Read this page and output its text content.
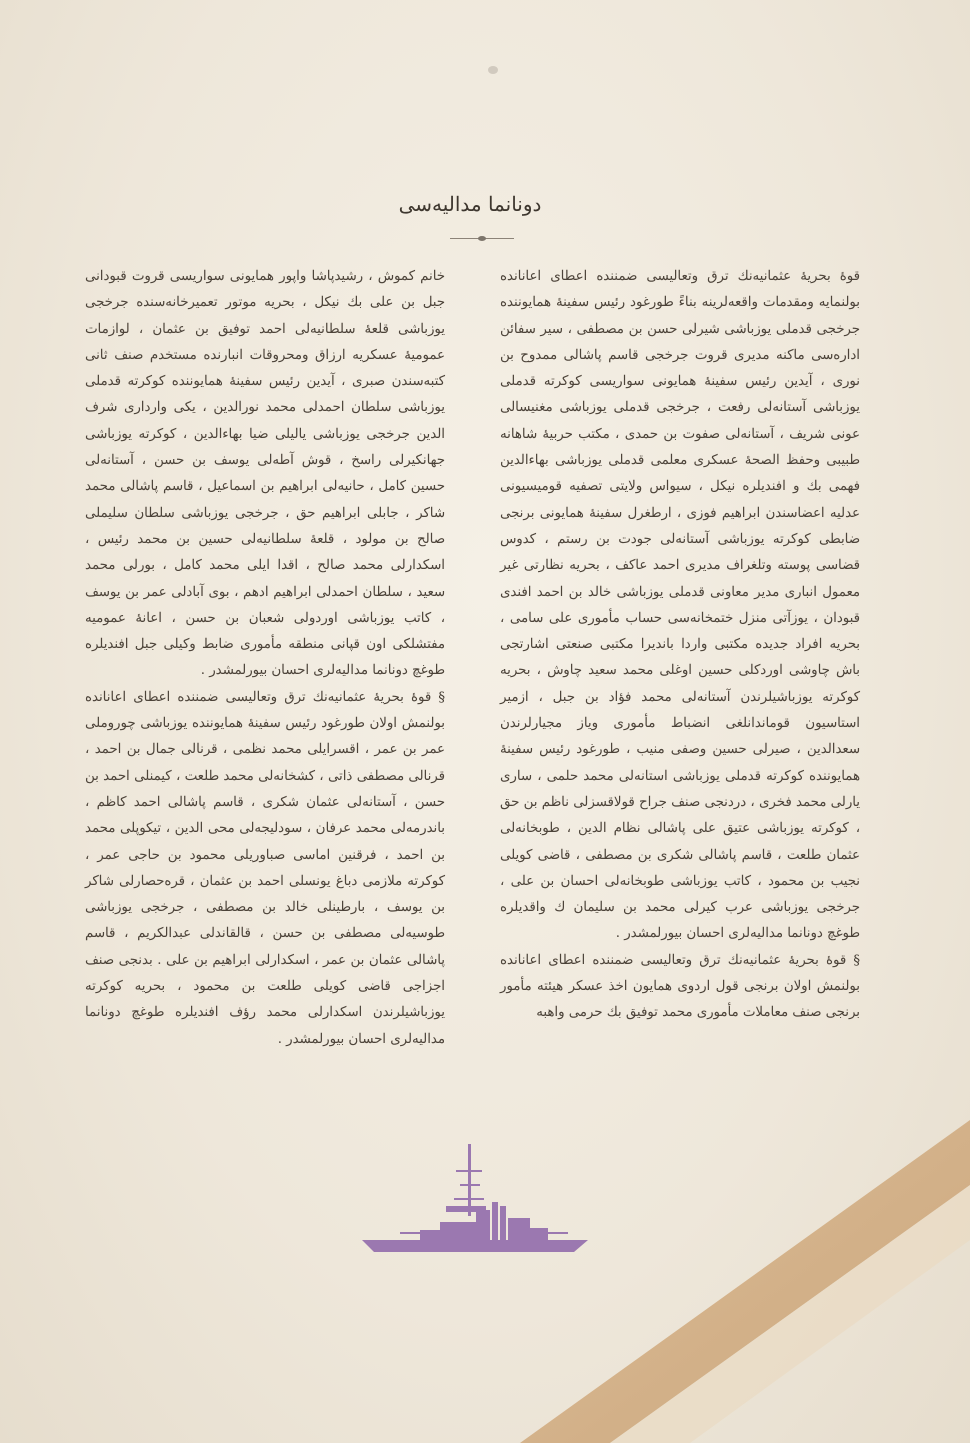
دونانما مدالیه‌سی

قوۀ بحریۀ عثمانیه‌نك ترق وتعالیسی ضمننده اعطای اعانانده بولنمایه ومقدمات واقعه‌لرینه بناءً طورغود رئیس سفینۀ همایوننده جرخجی قدملی یوزباشی شیرلی حسن بن مصطفی ، سیر سفائن اداره‌سی ماکنه مدیری قروت جرخجی قاسم پاشالی ممدوح بن نوری ، آیدین رئیس سفینۀ همایونی سواریسی کوکرته قدملی یوزباشی آستانه‌لی رفعت ، جرخجی قدملی یوزباشی مغنیسالی عونی شریف ، آستانه‌لی صفوت بن حمدی ، مکتب حربیۀ شاهانه طبیبی وحفظ الصحۀ عسکری معلمی قدملی یوزباشی بهاءالدین فهمی بك و افندیلره نیکل ، سیواس ولایتی تصفیه قومیسیونی عدلیه اعضاسندن ابراهیم فوزی ، ارطغرل سفینۀ همایونی برنجی ضابطی کوکرته یوزباشی آستانه‌لی جودت بن رستم ، کدوس قضاسی پوسته وتلغراف مدیری احمد عاکف ، بحریه نظارتی غیر معمول انباری مدیر معاونی قدملی یوزباشی خالد بن احمد افندی قبودان ، یوزآتی منزل ختمخانه‌سی حساب مأموری علی سامی ، بحریه افراد جدیده مکتبی واردا باندیرا مکتبی صنعتی اشارتجی باش چاوشی اوردکلی حسین اوغلی محمد سعید چاوش ، بحریه کوکرته یوزباشیلرندن آستانه‌لی محمد فؤاد بن جبل ، ازمیر استاسیون قوماندانلغی انضباط مأموری ویاز مجیارلرندن سعدالدین ، صیرلی حسین وصفی منیب ، طورغود رئیس سفینۀ همایوننده کوکرته قدملی یوزباشی استانه‌لی محمد حلمی ، ساری یارلی محمد فخری ، دردنجی صنف جراح قولاقسزلی ناظم بن حق ، کوکرته یوزباشی عتیق علی پاشالی نظام الدین ، طوبخانه‌لی عثمان طلعت ، قاسم پاشالی شکری بن مصطفی ، قاضی کویلی نجیب بن محمود ، کاتب یوزباشی طوبخانه‌لی احسان بن علی ، جرخجی یوزباشی عرب کیرلی محمد بن سلیمان ك واقدیلره طوغچ دونانما مدالیه‌لری احسان بیورلمشدر .

§ قوۀ بحریۀ عثمانیه‌نك ترق وتعالیسی ضمننده اعطای اعانانده بولنمش اولان برنجی قول اردوی همایون اخذ عسکر هیئته مأمور برنجی صنف معاملات مأموری محمد توفیق بك حرمی واهبه

خانم کموش ، رشیدپاشا واپور همایونی سواریسی قروت قبودانی جبل بن علی بك نیکل ، بحریه موتور تعمیرخانه‌سنده جرخجی یوزباشی قلعۀ سلطانیه‌لی احمد توفیق بن عثمان ، لوازمات عمومیۀ عسکریه ارزاق ومحروقات انبارنده مستخدم صنف ثانی کتبه‌سندن صبری ، آیدین رئیس سفینۀ همایوننده کوکرته قدملی یوزباشی سلطان احمدلی محمد نورالدین ، یکی وارداری شرف الدین جرخجی یوزباشی یالیلی ضیا بهاءالدین ، کوکرته یوزباشی جهانکیرلی راسخ ، قوش آطه‌لی یوسف بن حسن ، آستانه‌لی حسین کامل ، حانیه‌لی ابراهیم بن اسماعیل ، قاسم پاشالی محمد شاکر ، جابلی ابراهیم حق ، جرخجی یوزباشی سلطان سلیملی صالح بن مولود ، قلعۀ سلطانیه‌لی حسین بن محمد رئیس ، اسکدارلی محمد صالح ، اقدا ایلی محمد کامل ، بورلی محمد سعید ، سلطان احمدلی ابراهیم ادهم ، بوی آبادلی عمر بن یوسف ، کاتب یوزباشی اوردولی شعبان بن حسن ، اعانۀ عمومیه مفتشلکی اون قپانی منطقه مأموری ضابط وکیلی جبل افندیلره طوغچ دونانما مدالیه‌لری احسان بیورلمشدر .

§ قوۀ بحریۀ عثمانیه‌نك ترق وتعالیسی ضمننده اعطای اعانانده بولنمش اولان طورغود رئیس سفینۀ همایوننده یوزباشی چوروملی عمر بن عمر ، اقسرایلی محمد نظمی ، قرنالی جمال بن احمد ، قرنالی مصطفی ذاتی ، کشخانه‌لی محمد طلعت ، کیمنلی احمد بن حسن ، آستانه‌لی عثمان شکری ، قاسم پاشالی احمد کاظم ، باندرمه‌لی محمد عرفان ، سودلیجه‌لی محی الدین ، تیکوپلی محمد بن احمد ، فرقنین اماسی صباوریلی محمود بن حاجی عمر ، کوکرته ملازمی دباغ یونسلی احمد بن عثمان ، قره‌حصارلی شاکر بن یوسف ، بارطینلی خالد بن مصطفی ، جرخجی یوزباشی طوسیه‌لی مصطفی بن حسن ، قالقاندلی عبدالکریم ، قاسم پاشالی عثمان بن عمر ، اسکدارلی ابراهیم بن علی . بدنجی صنف اجزاجی قاضی کویلی طلعت بن محمود ، بحریه کوکرته یوزباشیلرندن اسکدارلی محمد رؤف افندیلره طوغچ دونانما مدالیه‌لری احسان بیورلمشدر .
